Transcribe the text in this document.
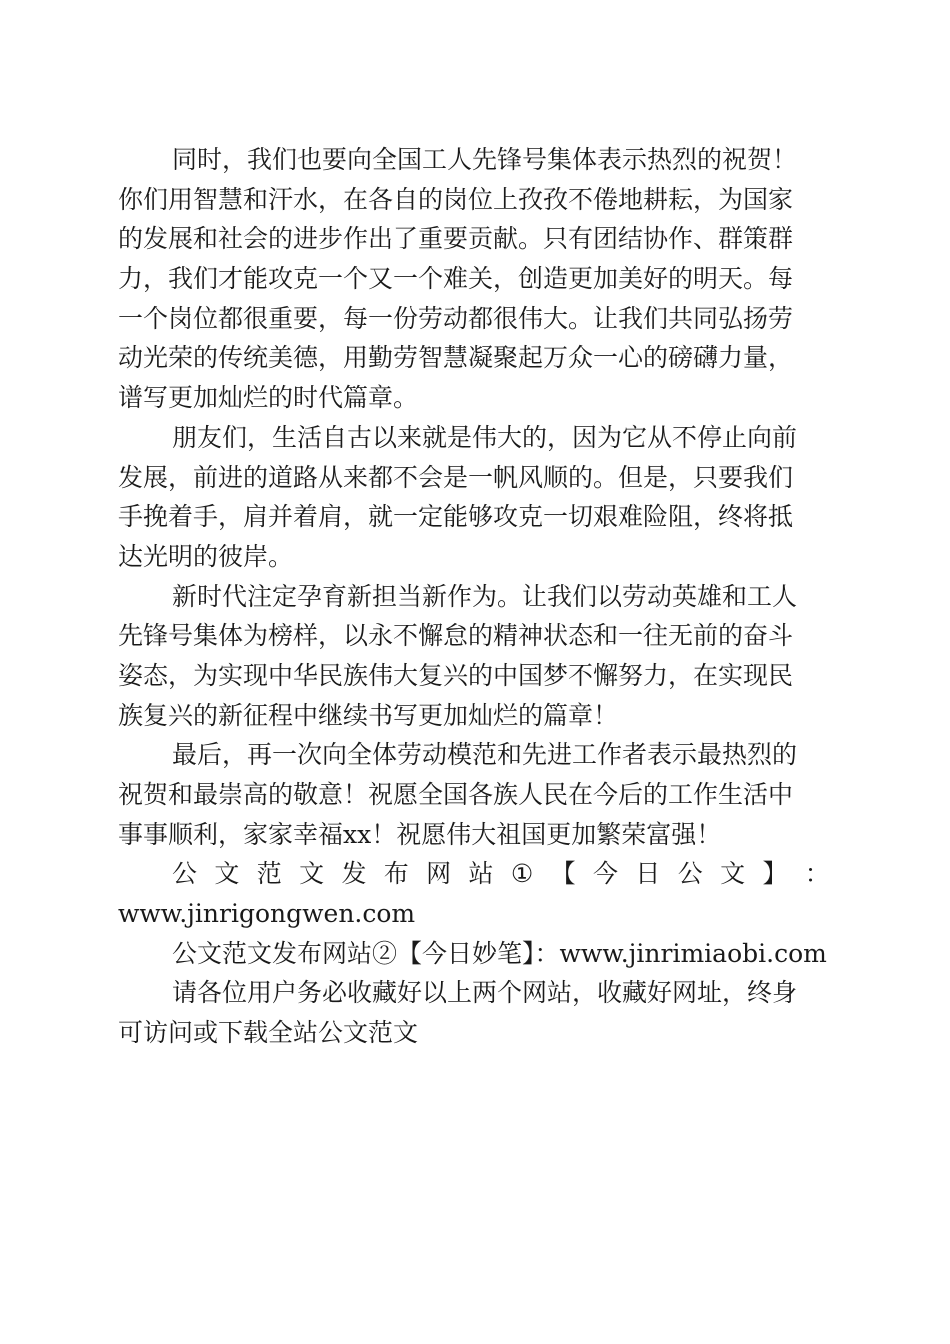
同时，我们也要向全国工人先锋号集体表示热烈的祝贺！
你们用智慧和汗水，在各自的岗位上孜孜不倦地耕耘，为国家
的发展和社会的进步作出了重要贡献。只有团结协作、群策群
力，我们才能攻克一个又一个难关，创造更加美好的明天。每
一个岗位都很重要，每一份劳动都很伟大。让我们共同弘扬劳
动光荣的传统美德，用勤劳智慧凝聚起万众一心的磅礴力量，
谱写更加灿烂的时代篇章。
朋友们，生活自古以来就是伟大的，因为它从不停止向前
发展，前进的道路从来都不会是一帆风顺的。但是，只要我们
手挽着手，肩并着肩，就一定能够攻克一切艰难险阻，终将抵
达光明的彼岸。
新时代注定孕育新担当新作为。让我们以劳动英雄和工人
先锋号集体为榜样，以永不懈怠的精神状态和一往无前的奋斗
姿态，为实现中华民族伟大复兴的中国梦不懈努力，在实现民
族复兴的新征程中继续书写更加灿烂的篇章！
最后，再一次向全体劳动模范和先进工作者表示最热烈的
祝贺和最崇高的敬意！祝愿全国各族人民在今后的工作生活中
事事顺利，家家幸福xx！祝愿伟大祖国更加繁荣富强！
公 文 范 文 发 布 网 站 ① 【 今 日 公 文 】 ：
www.jinrigongwen.com
公文范文发布网站②【今日妙笔】：www.jinrimiaobi.com
请各位用户务必收藏好以上两个网站，收藏好网址，终身
可访问或下载全站公文范文
